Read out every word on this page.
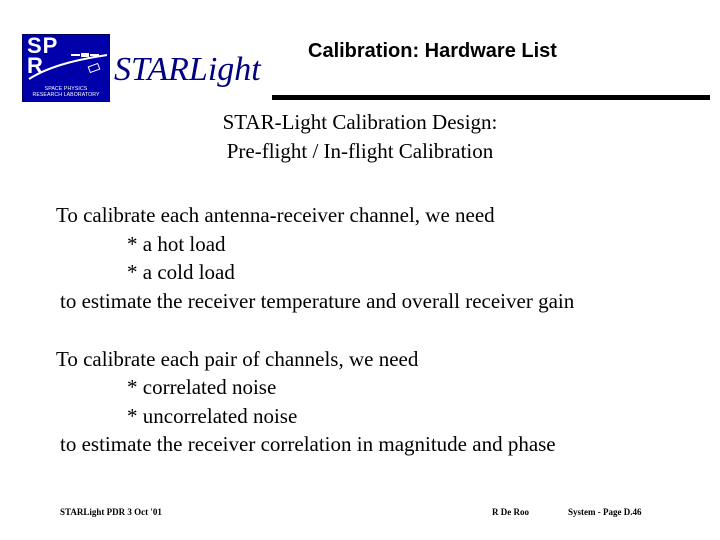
SP
R
SPACE PHYSICS
RESEARCH LABORATORY
STARLight Calibration: Hardware List
STAR-Light Calibration Design:
Pre-flight / In-flight Calibration
To calibrate each antenna-receiver channel, we need
* a hot load
* a cold load
to estimate the receiver temperature and overall receiver gain
To calibrate each pair of channels, we need
* correlated noise
* uncorrelated noise
to estimate the receiver correlation in magnitude and phase
STARLight PDR 3 Oct '01	R De Roo	System - Page D.46
